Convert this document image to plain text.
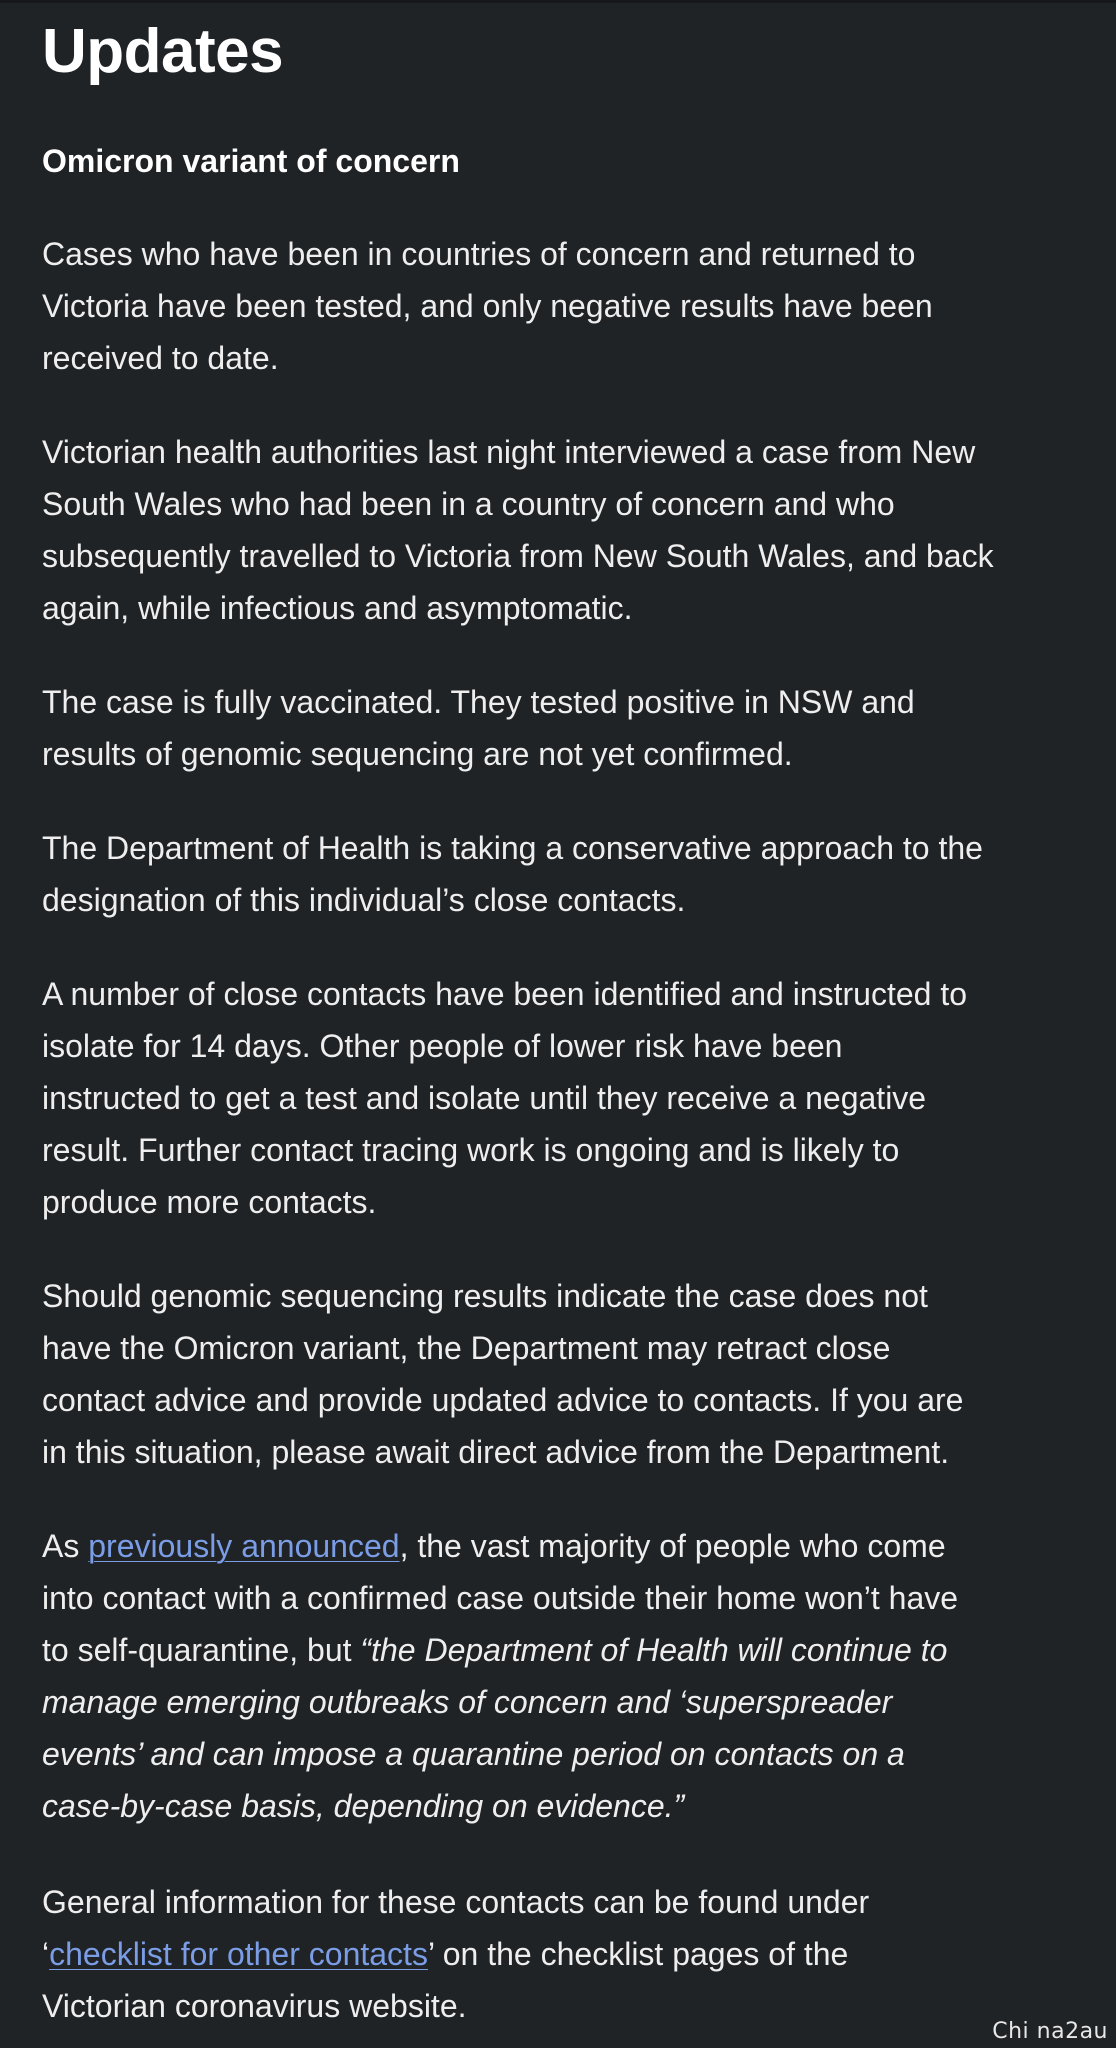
Updates
Omicron variant of concern
Cases who have been in countries of concern and returned to
Victoria have been tested, and only negative results have been
received to date.
Victorian health authorities last night interviewed a case from New
South Wales who had been in a country of concern and who
subsequently travelled to Victoria from New South Wales, and back
again, while infectious and asymptomatic.
The case is fully vaccinated. They tested positive in NSW and
results of genomic sequencing are not yet confirmed.
The Department of Health is taking a conservative approach to the
designation of this individual’s close contacts.
A number of close contacts have been identified and instructed to
isolate for 14 days. Other people of lower risk have been
instructed to get a test and isolate until they receive a negative
result. Further contact tracing work is ongoing and is likely to
produce more contacts.
Should genomic sequencing results indicate the case does not
have the Omicron variant, the Department may retract close
contact advice and provide updated advice to contacts. If you are
in this situation, please await direct advice from the Department.
As previously announced, the vast majority of people who come
into contact with a confirmed case outside their home won’t have
to self-quarantine, but “the Department of Health will continue to
manage emerging outbreaks of concern and ‘superspreader
events’ and can impose a quarantine period on contacts on a
case-by-case basis, depending on evidence.”
General information for these contacts can be found under
‘checklist for other contacts’ on the checklist pages of the
Victorian coronavirus website.
Chi na2au
